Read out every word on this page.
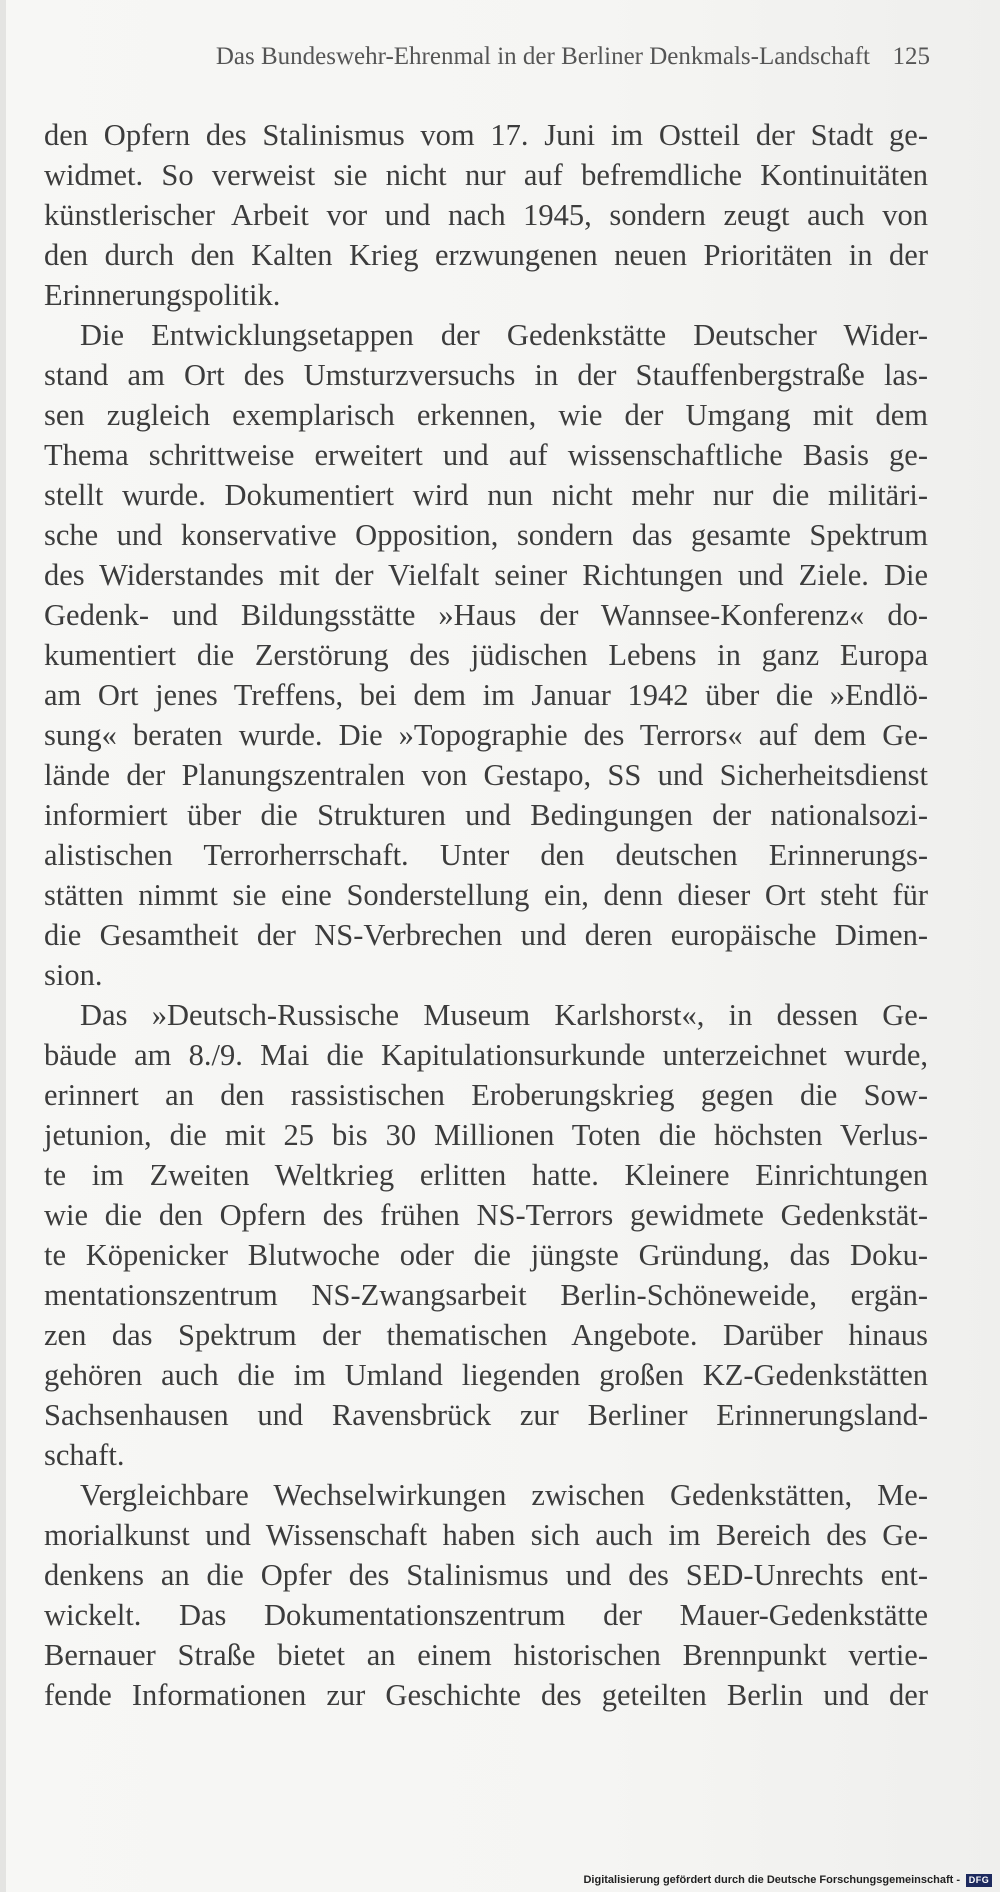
Das Bundeswehr-Ehrenmal in der Berliner Denkmals-Landschaft 125
den Opfern des Stalinismus vom 17. Juni im Ostteil der Stadt ge-
widmet. So verweist sie nicht nur auf befremdliche Kontinuitäten
künstlerischer Arbeit vor und nach 1945, sondern zeugt auch von
den durch den Kalten Krieg erzwungenen neuen Prioritäten in der
Erinnerungspolitik.
Die Entwicklungsetappen der Gedenkstätte Deutscher Wider-
stand am Ort des Umsturzversuchs in der Stauffenbergstraße las-
sen zugleich exemplarisch erkennen, wie der Umgang mit dem
Thema schrittweise erweitert und auf wissenschaftliche Basis ge-
stellt wurde. Dokumentiert wird nun nicht mehr nur die militäri-
sche und konservative Opposition, sondern das gesamte Spektrum
des Widerstandes mit der Vielfalt seiner Richtungen und Ziele. Die
Gedenk- und Bildungsstätte »Haus der Wannsee-Konferenz« do-
kumentiert die Zerstörung des jüdischen Lebens in ganz Europa
am Ort jenes Treffens, bei dem im Januar 1942 über die »Endlö-
sung« beraten wurde. Die »Topographie des Terrors« auf dem Ge-
lände der Planungszentralen von Gestapo, SS und Sicherheitsdienst
informiert über die Strukturen und Bedingungen der nationalsozi-
alistischen Terrorherrschaft. Unter den deutschen Erinnerungs-
stätten nimmt sie eine Sonderstellung ein, denn dieser Ort steht für
die Gesamtheit der NS-Verbrechen und deren europäische Dimen-
sion.
Das »Deutsch-Russische Museum Karlshorst«, in dessen Ge-
bäude am 8./9. Mai die Kapitulationsurkunde unterzeichnet wurde,
erinnert an den rassistischen Eroberungskrieg gegen die Sow-
jetunion, die mit 25 bis 30 Millionen Toten die höchsten Verlus-
te im Zweiten Weltkrieg erlitten hatte. Kleinere Einrichtungen
wie die den Opfern des frühen NS-Terrors gewidmete Gedenkstät-
te Köpenicker Blutwoche oder die jüngste Gründung, das Doku-
mentationszentrum NS-Zwangsarbeit Berlin-Schöneweide, ergän-
zen das Spektrum der thematischen Angebote. Darüber hinaus
gehören auch die im Umland liegenden großen KZ-Gedenkstätten
Sachsenhausen und Ravensbrück zur Berliner Erinnerungsland-
schaft.
Vergleichbare Wechselwirkungen zwischen Gedenkstätten, Me-
morialkunst und Wissenschaft haben sich auch im Bereich des Ge-
denkens an die Opfer des Stalinismus und des SED-Unrechts ent-
wickelt. Das Dokumentationszentrum der Mauer-Gedenkstätte
Bernauer Straße bietet an einem historischen Brennpunkt vertie-
fende Informationen zur Geschichte des geteilten Berlin und der
Digitalisierung gefördert durch die Deutsche Forschungsgemeinschaft - DFG
